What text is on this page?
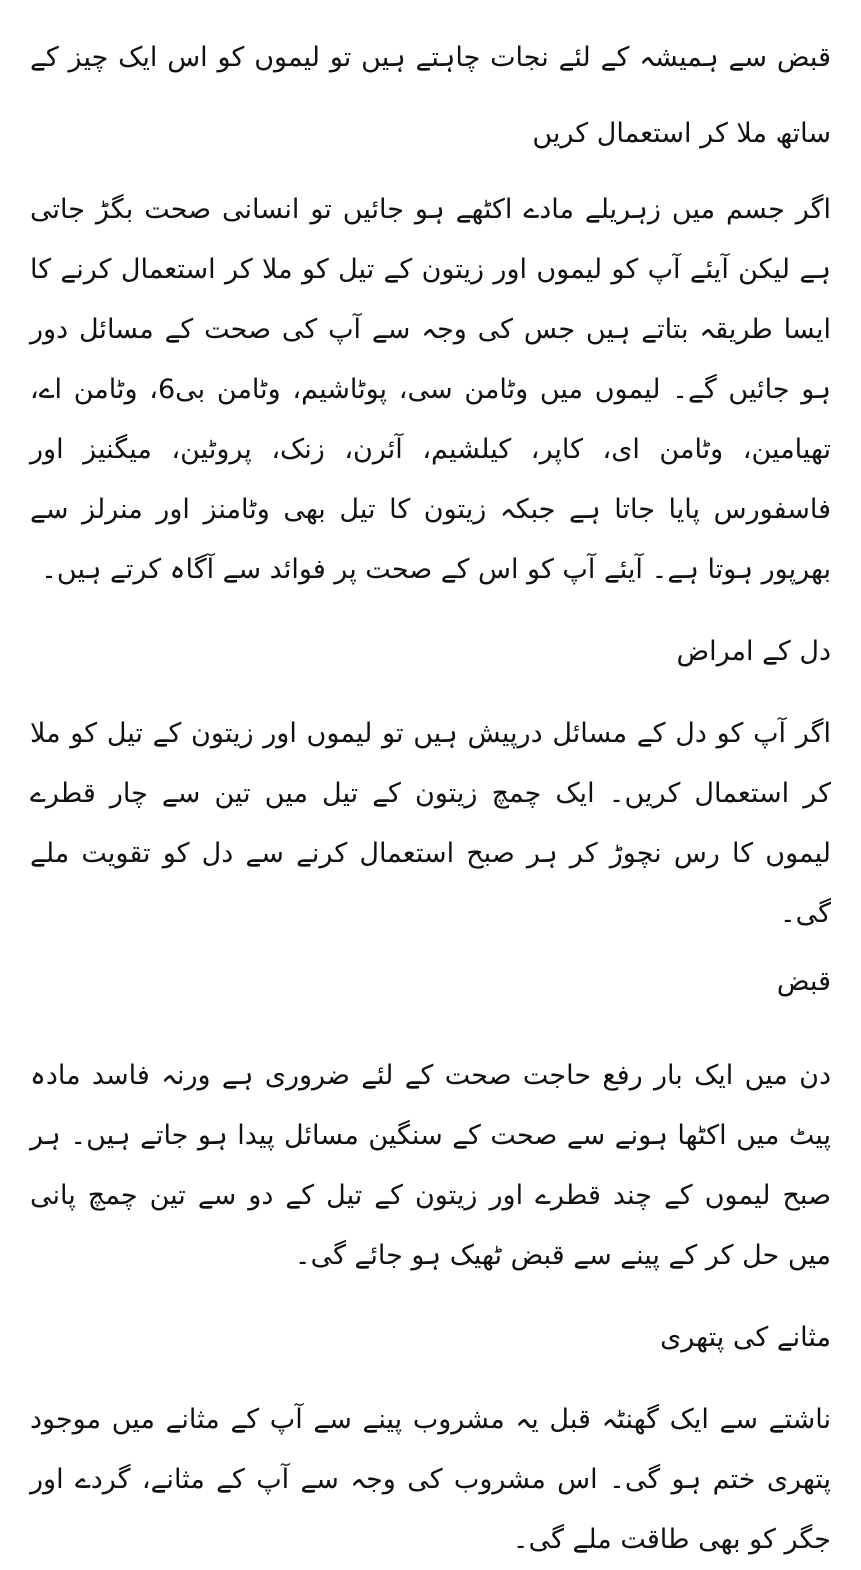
قبض سے ہمیشہ کے لئے نجات چاہتے ہیں تو لیموں کو اس ایک چیز کے ساتھ ملا کر استعمال کریں

اگر جسم میں زہریلے مادے اکٹھے ہو جائیں تو انسانی صحت بگڑ جاتی ہے لیکن آیئے آپ کو لیموں اور زیتون کے تیل کو ملا کر استعمال کرنے کا ایسا طریقہ بتاتے ہیں جس کی وجہ سے آپ کی صحت کے مسائل دور ہو جائیں گے۔ لیموں میں وٹامن سی، پوٹاشیم، وٹامن بی6، وٹامن اے، تھیامین، وٹامن ای، کاپر، کیلشیم، آئرن، زنک، پروٹین، میگنیز اور فاسفورس پایا جاتا ہے جبکہ زیتون کا تیل بھی وٹامنز اور منرلز سے بھرپور ہوتا ہے۔ آیئے آپ کو اس کے صحت پر فوائد سے آگاہ کرتے ہیں۔

دل کے امراض

اگر آپ کو دل کے مسائل درپیش ہیں تو لیموں اور زیتون کے تیل کو ملا کر استعمال کریں۔ ایک چمچ زیتون کے تیل میں تین سے چار قطرے لیموں کا رس نچوڑ کر ہر صبح استعمال کرنے سے دل کو تقویت ملے گی۔

قبض

دن میں ایک بار رفع حاجت صحت کے لئے ضروری ہے ورنہ فاسد مادہ پیٹ میں اکٹھا ہونے سے صحت کے سنگین مسائل پیدا ہو جاتے ہیں۔ ہر صبح لیموں کے چند قطرے اور زیتون کے تیل کے دو سے تین چمچ پانی میں حل کر کے پینے سے قبض ٹھیک ہو جائے گی۔

مثانے کی پتھری

ناشتے سے ایک گھنٹہ قبل یہ مشروب پینے سے آپ کے مثانے میں موجود پتھری ختم ہو گی۔ اس مشروب کی وجہ سے آپ کے مثانے، گردے اور جگر کو بھی طاقت ملے گی۔
